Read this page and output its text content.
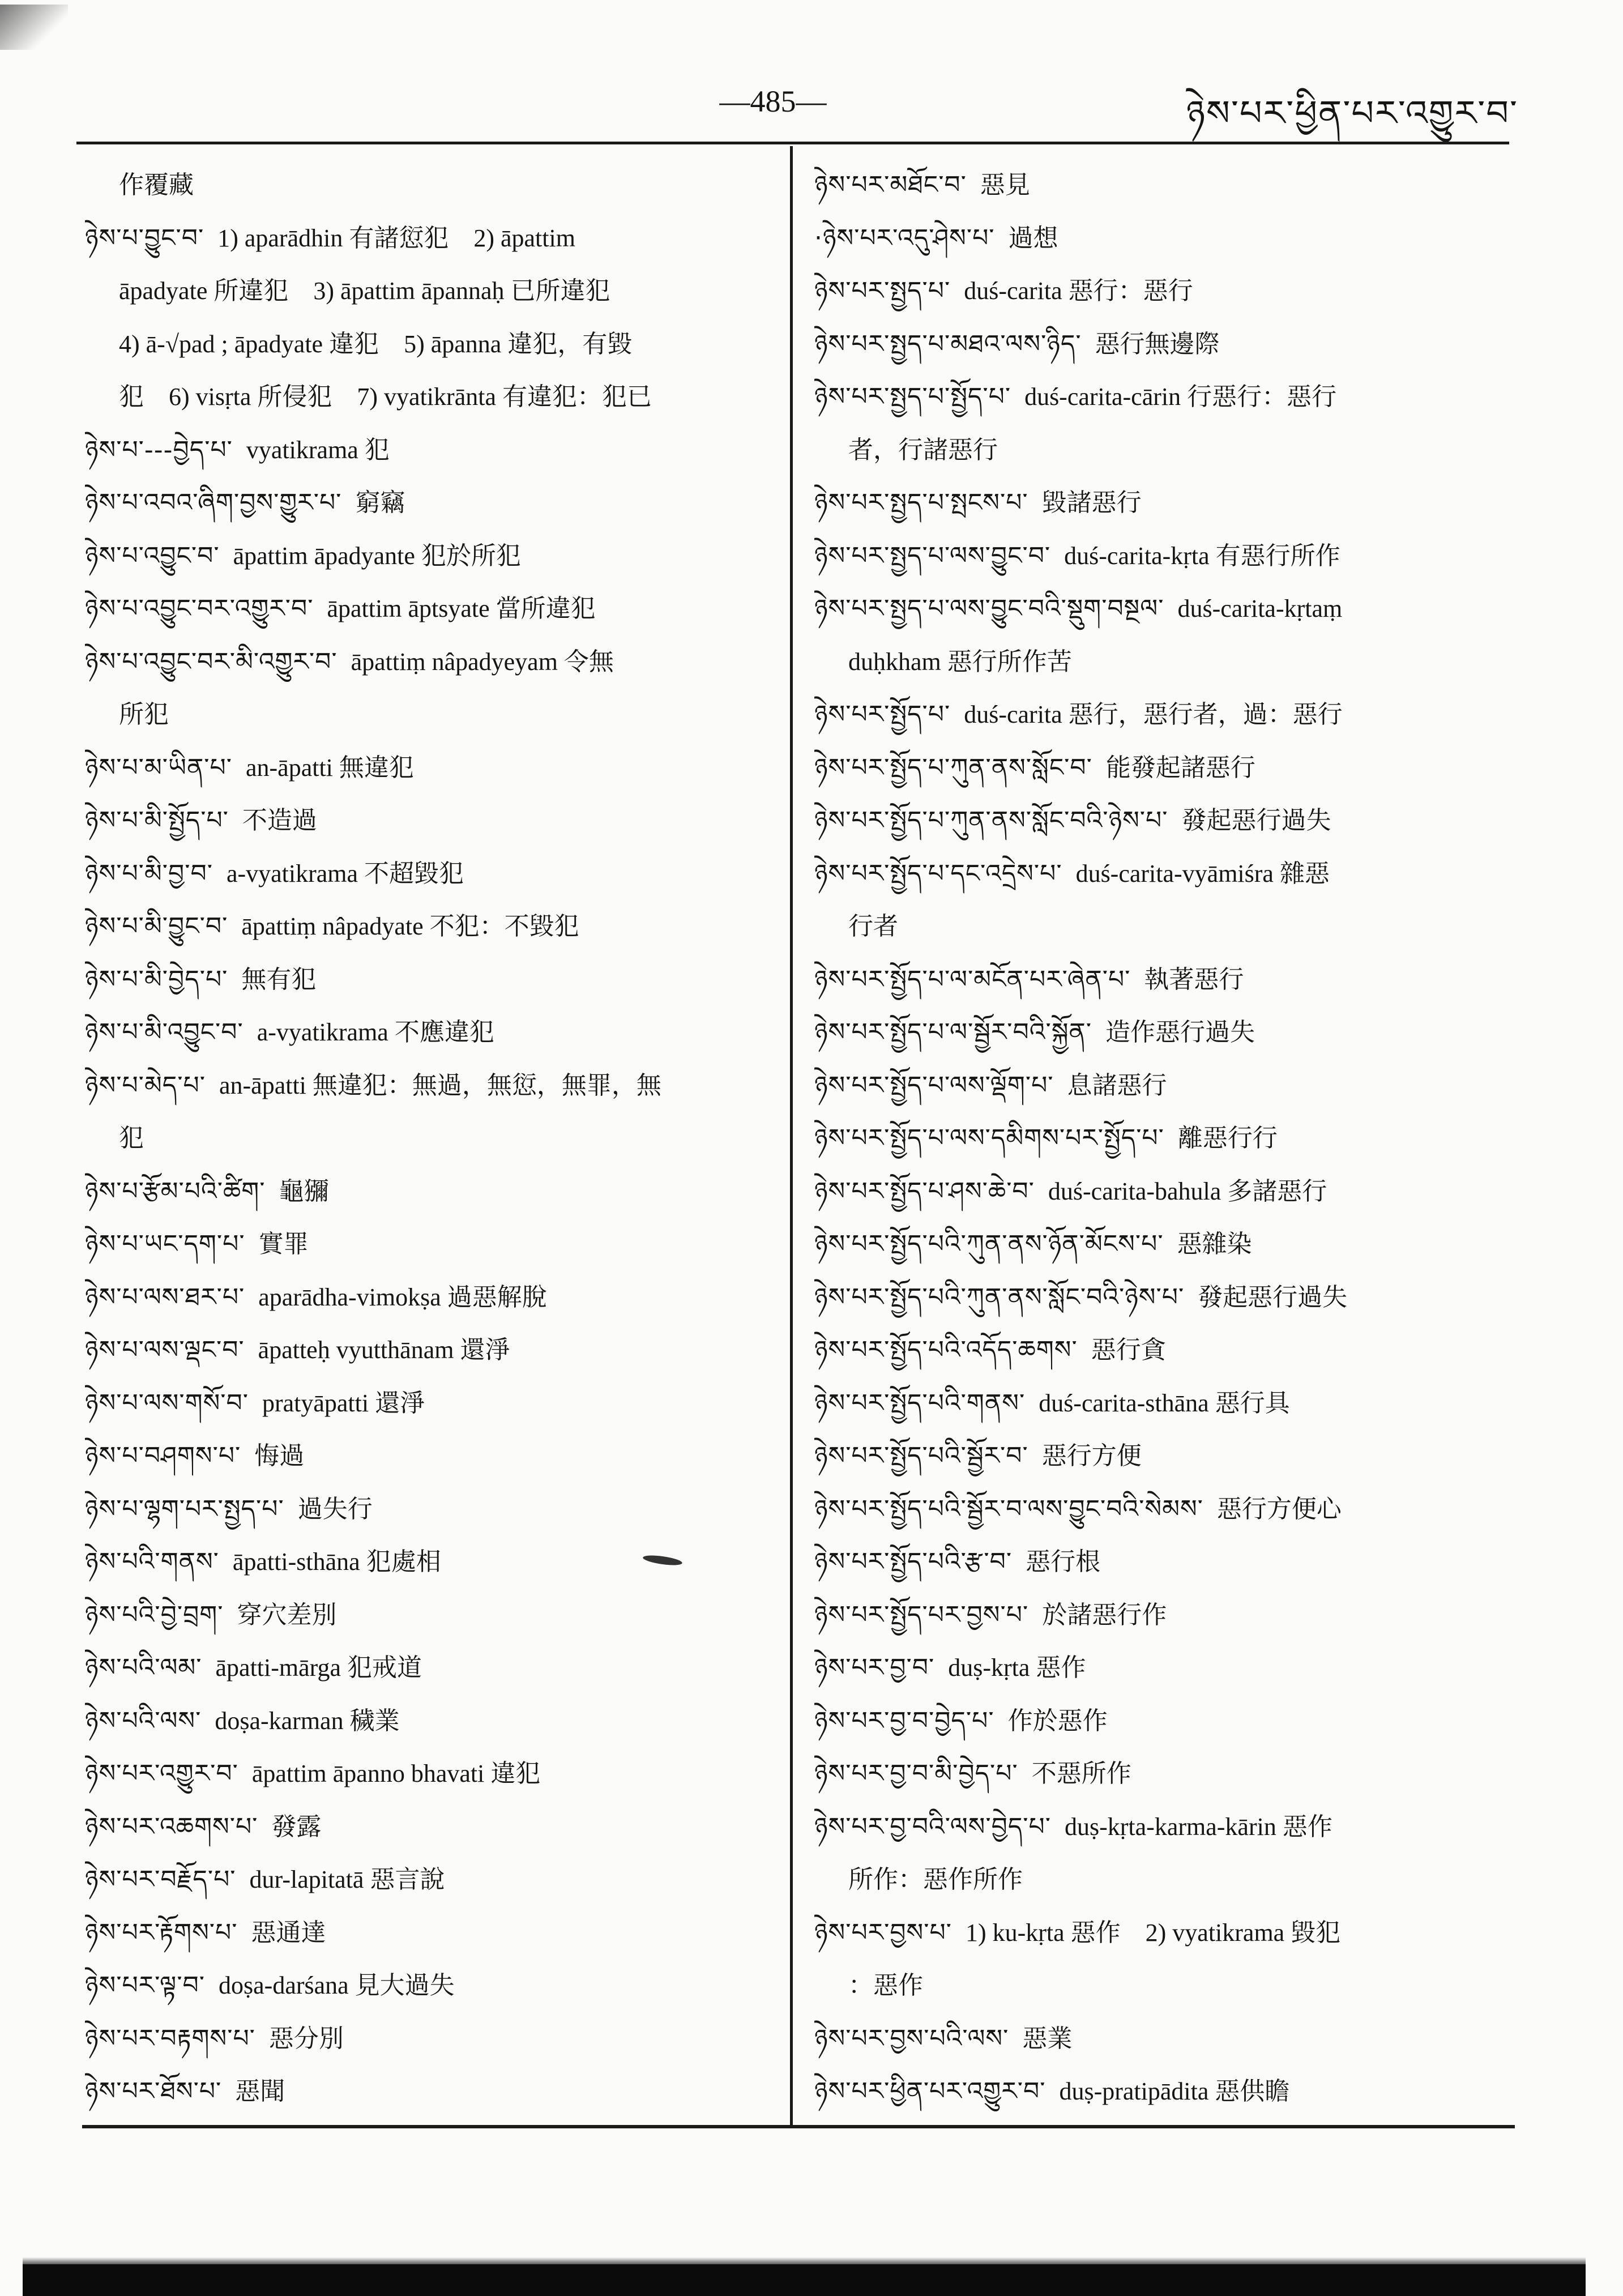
—485—	ཉེས་པར་ཕྱིན་པར་འགྱུར་བ་
作覆藏
ཉེས་པ་བྱུང་བ་ 1) aparādhin 有諸愆犯　2) āpattim
āpadyate 所違犯　3) āpattim āpannaḥ 已所違犯
4) ā-√pad ; āpadyate 違犯　5) āpanna 違犯，有毀
犯　6) visṛta 所侵犯　7) vyatikrānta 有違犯：犯已
ཉེས་པ་---བྱེད་པ་ vyatikrama 犯
ཉེས་པ་འབའ་ཞིག་བྱས་གྱུར་པ་ 窮竊
ཉེས་པ་འབྱུང་བ་ āpattim āpadyante 犯於所犯
ཉེས་པ་འབྱུང་བར་འགྱུར་བ་ āpattim āptsyate 當所違犯
ཉེས་པ་འབྱུང་བར་མི་འགྱུར་བ་ āpattiṃ nâpadyeyam 令無
所犯
ཉེས་པ་མ་ཡིན་པ་ an-āpatti 無違犯
ཉེས་པ་མི་སྤྱོད་པ་ 不造過
ཉེས་པ་མི་བྱ་བ་ a-vyatikrama 不超毀犯
ཉེས་པ་མི་བྱུང་བ་ āpattiṃ nâpadyate 不犯：不毀犯
ཉེས་པ་མི་བྱེད་པ་ 無有犯
ཉེས་པ་མི་འབྱུང་བ་ a-vyatikrama 不應違犯
ཉེས་པ་མེད་པ་ an-āpatti 無違犯：無過，無愆，無罪，無
犯
ཉེས་པ་རྩོམ་པའི་ཚིག་ 龜獼
ཉེས་པ་ཡང་དག་པ་ 實罪
ཉེས་པ་ལས་ཐར་པ་ aparādha-vimokṣa 過惡解脫
ཉེས་པ་ལས་ལྡང་བ་ āpatteḥ vyutthānam 還淨
ཉེས་པ་ལས་གསོ་བ་ pratyāpatti 還淨
ཉེས་པ་བཤགས་པ་ 悔過
ཉེས་པ་ལྷག་པར་སྤྱད་པ་ 過失行
ཉེས་པའི་གནས་ āpatti-sthāna 犯處相
ཉེས་པའི་བྱེ་བྲག་ 穿穴差別
ཉེས་པའི་ལམ་ āpatti-mārga 犯戒道
ཉེས་པའི་ལས་ doṣa-karman 穢業
ཉེས་པར་འགྱུར་བ་ āpattim āpanno bhavati 違犯
ཉེས་པར་འཆགས་པ་ 發露
ཉེས་པར་བརྗོད་པ་ dur-lapitatā 惡言說
ཉེས་པར་རྟོགས་པ་ 惡通達
ཉེས་པར་ལྟ་བ་ doṣa-darśana 見大過失
ཉེས་པར་བརྟགས་པ་ 惡分別
ཉེས་པར་ཐོས་པ་ 惡聞
ཉེས་པར་མཐོང་བ་ 惡見
·ཉེས་པར་འདུ་ཤེས་པ་ 過想
ཉེས་པར་སྤྱད་པ་ duś-carita 惡行：惡行
ཉེས་པར་སྤྱད་པ་མཐའ་ལས་ཉིད་ 惡行無邊際
ཉེས་པར་སྤྱད་པ་སྤྱོད་པ་ duś-carita-cārin 行惡行：惡行
者，行諸惡行
ཉེས་པར་སྤྱད་པ་སྤངས་པ་ 毀諸惡行
ཉེས་པར་སྤྱད་པ་ལས་བྱུང་བ་ duś-carita-kṛta 有惡行所作
ཉེས་པར་སྤྱད་པ་ལས་བྱུང་བའི་སྡུག་བསྔལ་ duś-carita-kṛtaṃ
duḥkham 惡行所作苦
ཉེས་པར་སྤྱོད་པ་ duś-carita 惡行，惡行者，過：惡行
ཉེས་པར་སྤྱོད་པ་ཀུན་ནས་སློང་བ་ 能發起諸惡行
ཉེས་པར་སྤྱོད་པ་ཀུན་ནས་སློང་བའི་ཉེས་པ་ 發起惡行過失
ཉེས་པར་སྤྱོད་པ་དང་འདྲེས་པ་ duś-carita-vyāmiśra 雜惡
行者
ཉེས་པར་སྤྱོད་པ་ལ་མངོན་པར་ཞེན་པ་ 執著惡行
ཉེས་པར་སྤྱོད་པ་ལ་སྦྱོར་བའི་སྐྱོན་ 造作惡行過失
ཉེས་པར་སྤྱོད་པ་ལས་ལྡོག་པ་ 息諸惡行
ཉེས་པར་སྤྱོད་པ་ལས་དམིགས་པར་སྤྱོད་པ་ 離惡行行
ཉེས་པར་སྤྱོད་པ་ཤས་ཆེ་བ་ duś-carita-bahula 多諸惡行
ཉེས་པར་སྤྱོད་པའི་ཀུན་ནས་ཉོན་མོངས་པ་ 惡雜染
ཉེས་པར་སྤྱོད་པའི་ཀུན་ནས་སློང་བའི་ཉེས་པ་ 發起惡行過失
ཉེས་པར་སྤྱོད་པའི་འདོད་ཆགས་ 惡行貪
ཉེས་པར་སྤྱོད་པའི་གནས་ duś-carita-sthāna 惡行具
ཉེས་པར་སྤྱོད་པའི་སྦྱོར་བ་ 惡行方便
ཉེས་པར་སྤྱོད་པའི་སྦྱོར་བ་ལས་བྱུང་བའི་སེམས་ 惡行方便心
ཉེས་པར་སྤྱོད་པའི་རྩ་བ་ 惡行根
ཉེས་པར་སྤྱོད་པར་བྱས་པ་ 於諸惡行作
ཉེས་པར་བྱ་བ་ duṣ-kṛta 惡作
ཉེས་པར་བྱ་བ་བྱེད་པ་ 作於惡作
ཉེས་པར་བྱ་བ་མི་བྱེད་པ་ 不惡所作
ཉེས་པར་བྱ་བའི་ལས་བྱེད་པ་ duṣ-kṛta-karma-kārin 惡作
所作：惡作所作
ཉེས་པར་བྱས་པ་ 1) ku-kṛta 惡作　2) vyatikrama 毀犯
：惡作
ཉེས་པར་བྱས་པའི་ལས་ 惡業
ཉེས་པར་ཕྱིན་པར་འགྱུར་བ་ duṣ-pratipādita 惡供瞻
